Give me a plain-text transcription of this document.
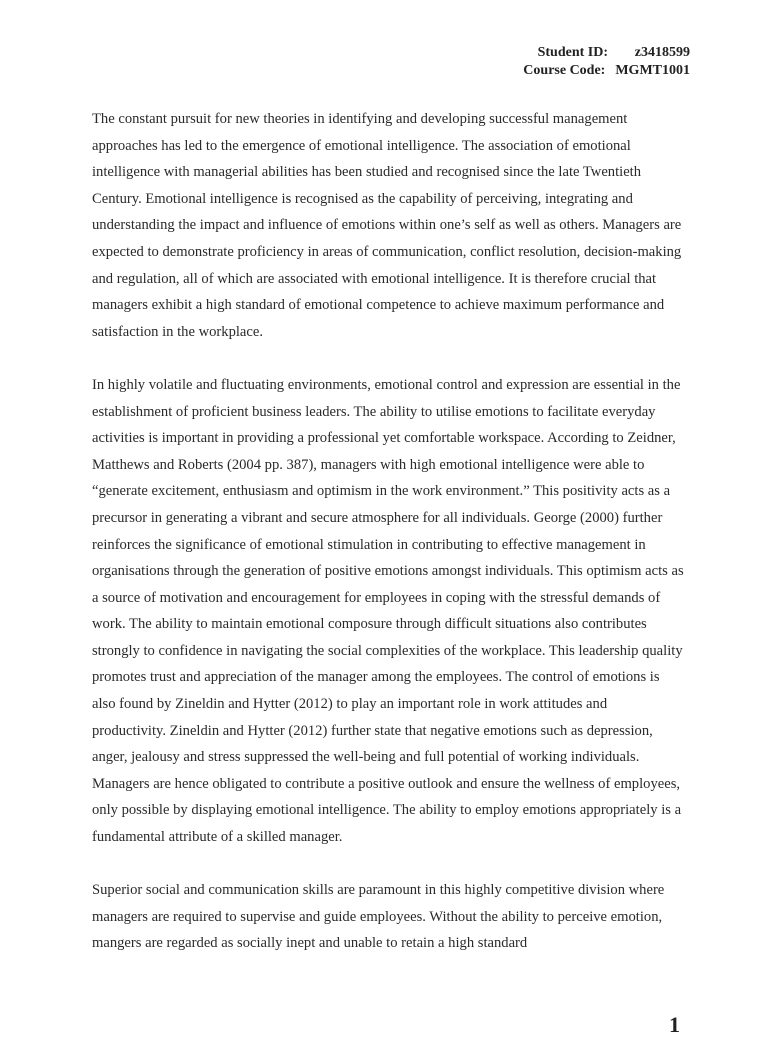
Student ID:	z3418599
Course Code: MGMT1001

The constant pursuit for new theories in identifying and developing successful management approaches has led to the emergence of emotional intelligence. The association of emotional intelligence with managerial abilities has been studied and recognised since the late Twentieth Century. Emotional intelligence is recognised as the capability of perceiving, integrating and understanding the impact and influence of emotions within one’s self as well as others. Managers are expected to demonstrate proficiency in areas of communication, conflict resolution, decision-making and regulation, all of which are associated with emotional intelligence. It is therefore crucial that managers exhibit a high standard of emotional competence to achieve maximum performance and satisfaction in the workplace.

In highly volatile and fluctuating environments, emotional control and expression are essential in the establishment of proficient business leaders. The ability to utilise emotions to facilitate everyday activities is important in providing a professional yet comfortable workspace. According to Zeidner, Matthews and Roberts (2004 pp. 387), managers with high emotional intelligence were able to “generate excitement, enthusiasm and optimism in the work environment.” This positivity acts as a precursor in generating a vibrant and secure atmosphere for all individuals. George (2000) further reinforces the significance of emotional stimulation in contributing to effective management in organisations through the generation of positive emotions amongst individuals. This optimism acts as a source of motivation and encouragement for employees in coping with the stressful demands of work. The ability to maintain emotional composure through difficult situations also contributes strongly to confidence in navigating the social complexities of the workplace. This leadership quality promotes trust and appreciation of the manager among the employees. The control of emotions is also found by Zineldin and Hytter (2012) to play an important role in work attitudes and productivity. Zineldin and Hytter (2012) further state that negative emotions such as depression, anger, jealousy and stress suppressed the well-being and full potential of working individuals. Managers are hence obligated to contribute a positive outlook and ensure the wellness of employees, only possible by displaying emotional intelligence. The ability to employ emotions appropriately is a fundamental attribute of a skilled manager.

Superior social and communication skills are paramount in this highly competitive division where managers are required to supervise and guide employees. Without the ability to perceive emotion, mangers are regarded as socially inept and unable to retain a high standard

1
